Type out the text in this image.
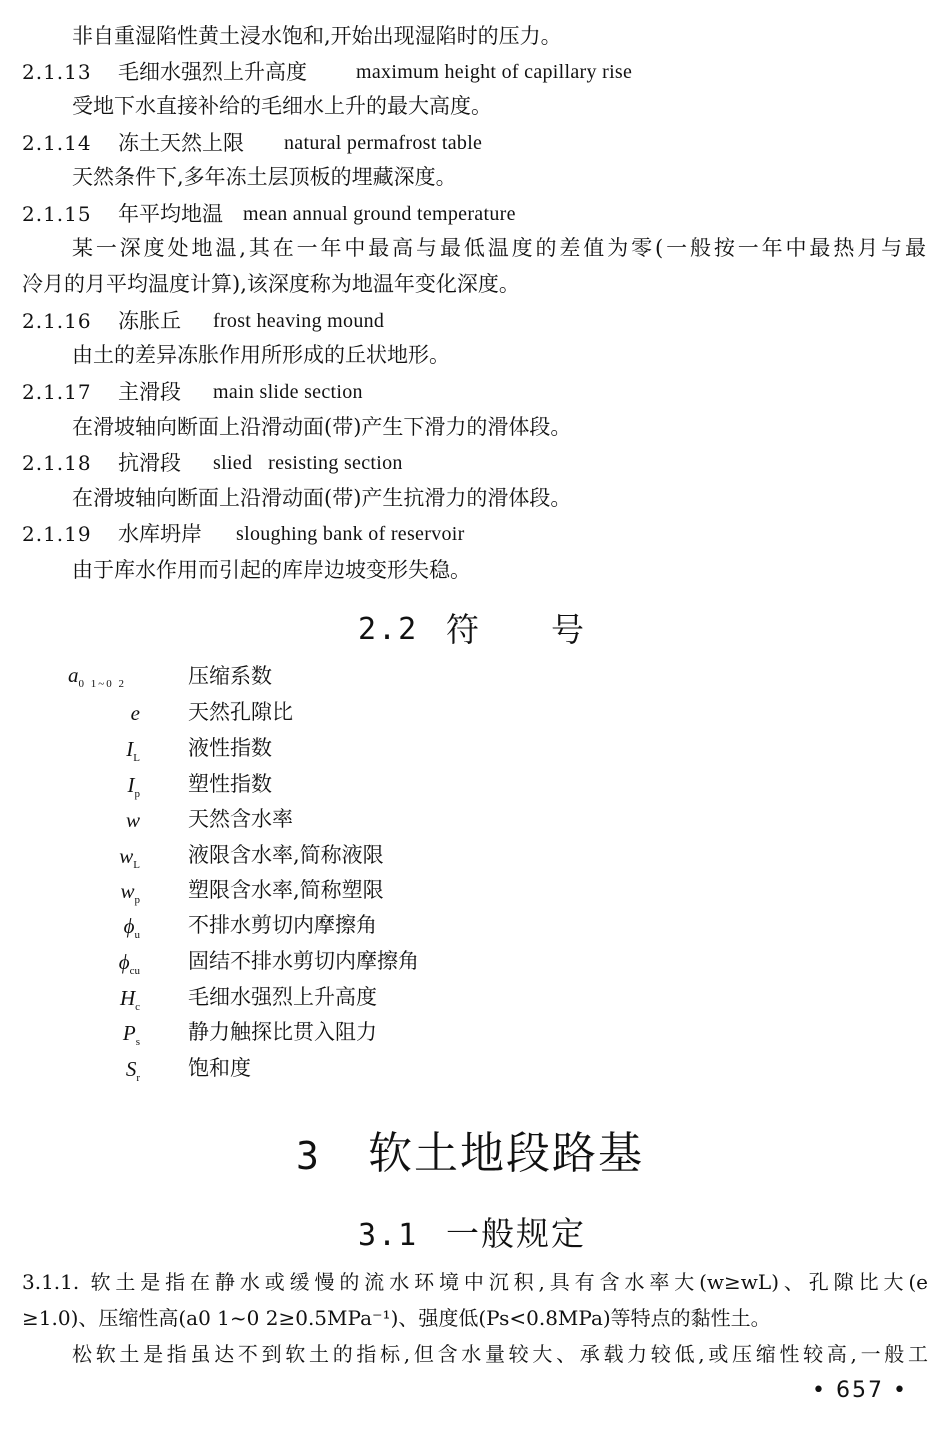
非自重湿陷性黄土浸水饱和,开始出现湿陷时的压力。
2.1.13 毛细水强烈上升高度 maximum height of capillary rise
受地下水直接补给的毛细水上升的最大高度。
2.1.14 冻土天然上限 natural permafrost table
天然条件下,多年冻土层顶板的埋藏深度。
2.1.15 年平均地温 mean annual ground temperature
某一深度处地温,其在一年中最高与最低温度的差值为零(一般按一年中最热月与最
冷月的月平均温度计算),该深度称为地温年变化深度。
2.1.16 冻胀丘 frost heaving mound
由土的差异冻胀作用所形成的丘状地形。
2.1.17 主滑段 main slide section
在滑坡轴向断面上沿滑动面(带)产生下滑力的滑体段。
2.1.18 抗滑段 slied   resisting section
在滑坡轴向断面上沿滑动面(带)产生抗滑力的滑体段。
2.1.19 水库坍岸 sloughing bank of reservoir
由于库水作用而引起的库岸边坡变形失稳。
2.2 符　　号
$a_{0 1\sim 0 2}$	压缩系数
e 天然孔隙比
$I_L$ 液性指数
$I_p$ 塑性指数
w 天然含水率
$w_L$ 液限含水率,简称液限
$w_p$ 塑限含水率,简称塑限
$\phi_u$ 不排水剪切内摩擦角
$\phi_{cu}$ 固结不排水剪切内摩擦角
$H_c$ 毛细水强烈上升高度
$P_s$ 静力触探比贯入阻力
$S_r$ 饱和度
3 软土地段路基
3.1 一般规定
3.1.1. 软土是指在静水或缓慢的流水环境中沉积,具有含水率大(w≥wL)、孔隙比大(e
≥1.0)、压缩性高(a0 1~0 2≥0.5MPa⁻¹)、强度低(Ps<0.8MPa)等特点的黏性土。
松软土是指虽达不到软土的指标,但含水量较大、承载力较低,或压缩性较高,一般工
• 657 •
